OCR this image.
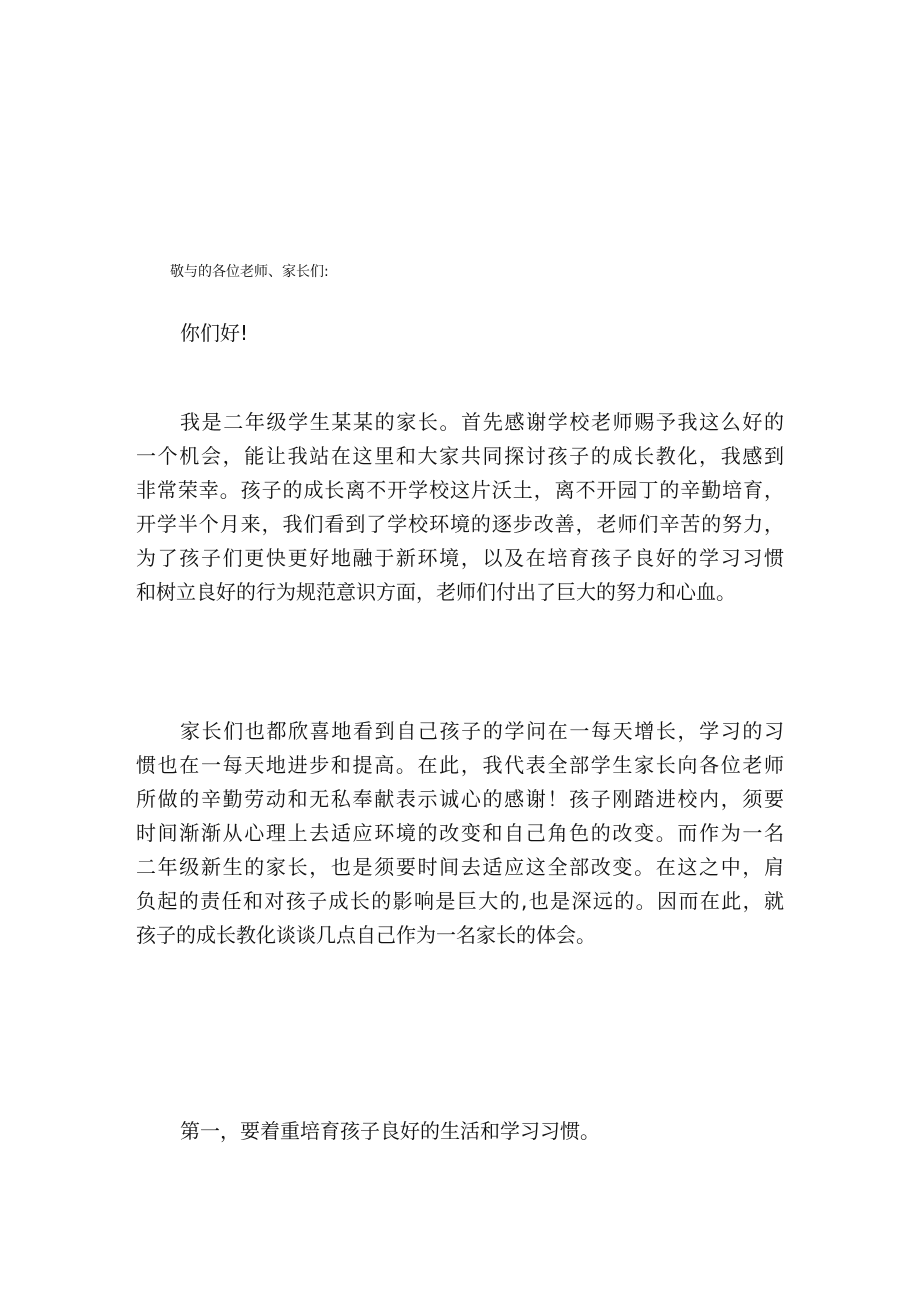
敬与的各位老师、家长们:
你们好!
我是二年级学生某某的家长。首先感谢学校老师赐予我这么好的
一个机会，能让我站在这里和大家共同探讨孩子的成长教化，我感到
非常荣幸。孩子的成长离不开学校这片沃土，离不开园丁的辛勤培育，
开学半个月来，我们看到了学校环境的逐步改善，老师们辛苦的努力，
为了孩子们更快更好地融于新环境，以及在培育孩子良好的学习习惯
和树立良好的行为规范意识方面，老师们付出了巨大的努力和心血。
家长们也都欣喜地看到自己孩子的学问在一每天增长，学习的习
惯也在一每天地进步和提高。在此，我代表全部学生家长向各位老师
所做的辛勤劳动和无私奉献表示诚心的感谢！孩子刚踏进校内，须要
时间渐渐从心理上去适应环境的改变和自己角色的改变。而作为一名
二年级新生的家长，也是须要时间去适应这全部改变。在这之中，肩
负起的责任和对孩子成长的影响是巨大的,也是深远的。因而在此，就
孩子的成长教化谈谈几点自己作为一名家长的体会。
第一，要着重培育孩子良好的生活和学习习惯。
